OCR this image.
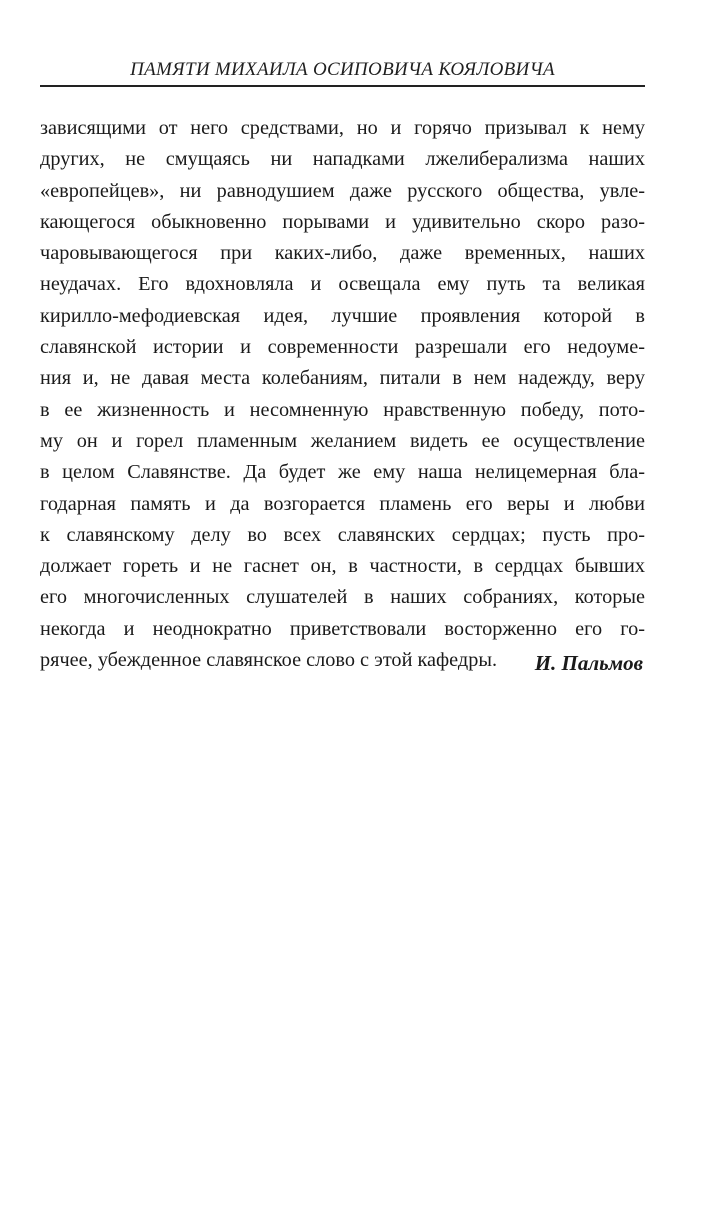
ПАМЯТИ МИХАИЛА ОСИПОВИЧА КОЯЛОВИЧА
зависящими от него средствами, но и горячо призывал к нему
других, не смущаясь ни нападками лжелиберализма наших
«европейцев», ни равнодушием даже русского общества, увле-
кающегося обыкновенно порывами и удивительно скоро разо-
чаровывающегося при каких-либо, даже временных, наших
неудачах. Его вдохновляла и освещала ему путь та великая
кирилло-мефодиевская идея, лучшие проявления которой в
славянской истории и современности разрешали его недоуме-
ния и, не давая места колебаниям, питали в нем надежду, веру
в ее жизненность и несомненную нравственную победу, пото-
му он и горел пламенным желанием видеть ее осуществление
в целом Славянстве. Да будет же ему наша нелицемерная бла-
годарная память и да возгорается пламень его веры и любви
к славянскому делу во всех славянских сердцах; пусть про-
должает гореть и не гаснет он, в частности, в сердцах бывших
его многочисленных слушателей в наших собраниях, которые
некогда и неоднократно приветствовали восторженно его го-
рячее, убежденное славянское слово с этой кафедры.	И. Пальмов
